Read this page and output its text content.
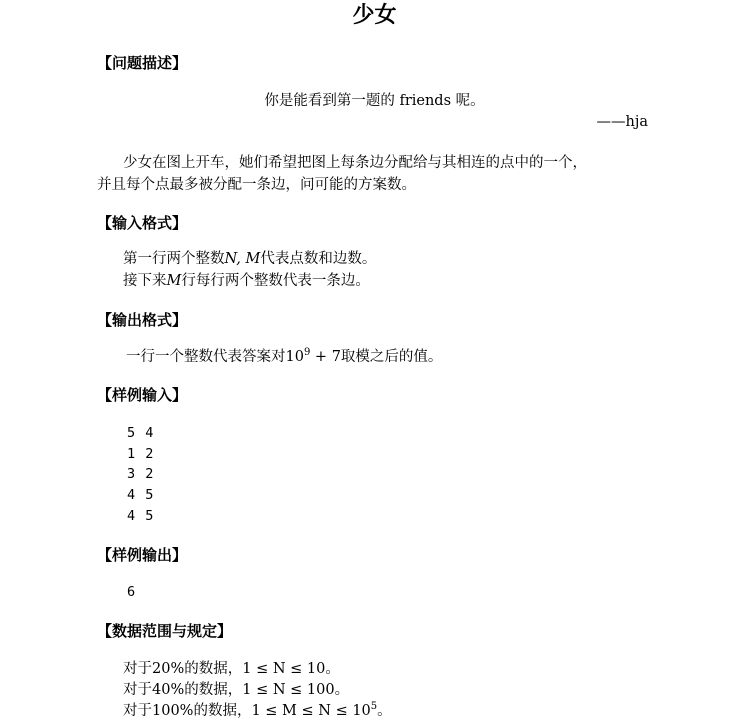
少女
【问题描述】
你是能看到第一题的 friends 呢。
——hja
少女在图上开车，她们希望把图上每条边分配给与其相连的点中的一个，
并且每个点最多被分配一条边，问可能的方案数。
【输入格式】
第一行两个整数N, M代表点数和边数。
接下来M行每行两个整数代表一条边。
【输出格式】
一行一个整数代表答案对$10^9 + 7$取模之后的值。
【样例输入】
5 4
1 2
3 2
4 5
4 5
【样例输出】
6
【数据范围与规定】
对于20%的数据，1 ≤ N ≤ 10。
对于40%的数据，1 ≤ N ≤ 100。
对于100%的数据，$1 \le M \le N \le 10^5$。
